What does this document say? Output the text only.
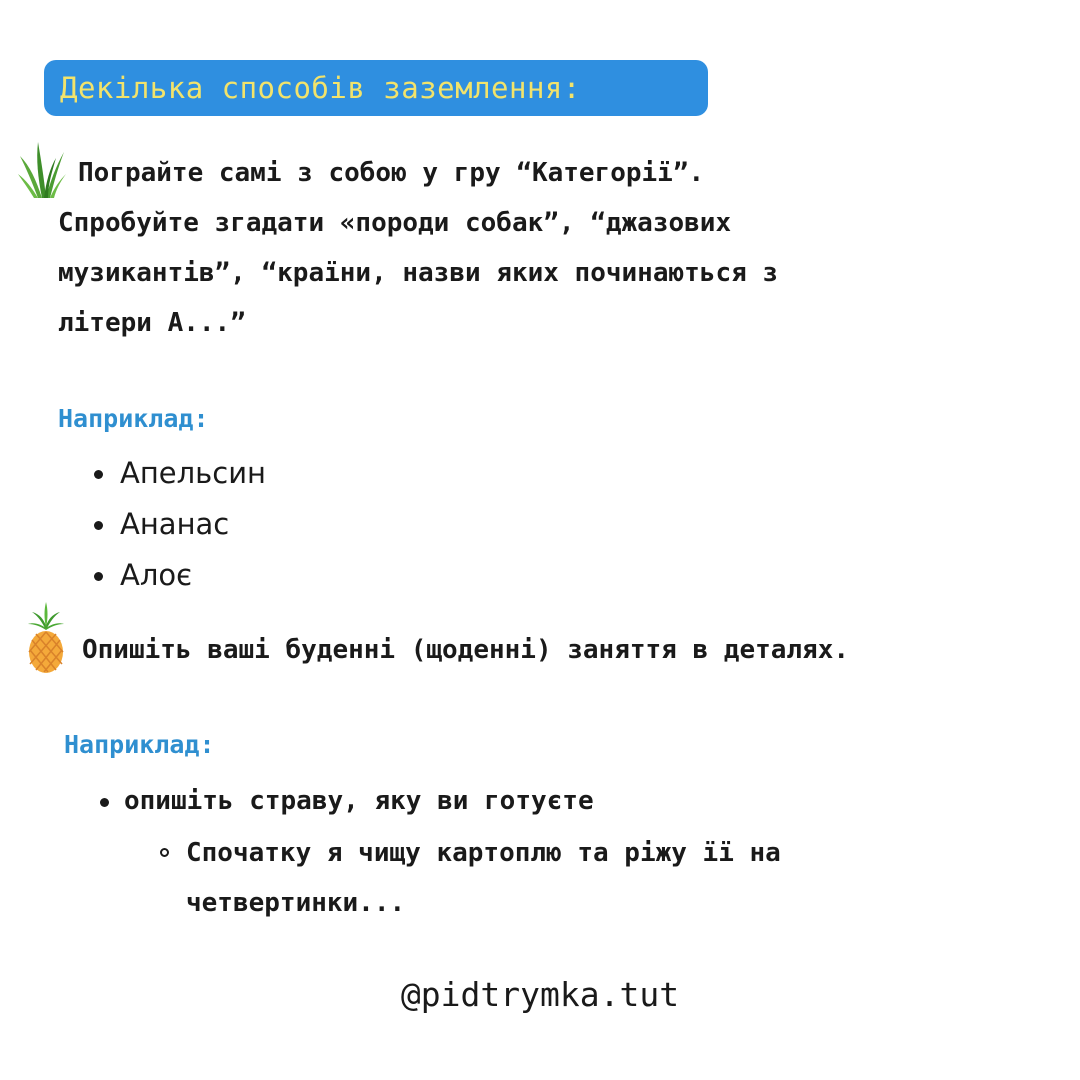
Декілька способів заземлення:
Пограйте самі з собою у гру “Категорії”.
Спробуйте згадати «породи собак”, “джазових
музикантів”, “країни, назви яких починаються з
літери А...”
Наприклад:
Апельсин
Ананас
Алоє
Опишіть ваші буденні (щоденні) заняття в деталях.
Наприклад:
опишіть страву, яку ви готуєте
Спочатку я чищу картоплю та ріжу її на
четвертинки...
@pidtrymka.tut
